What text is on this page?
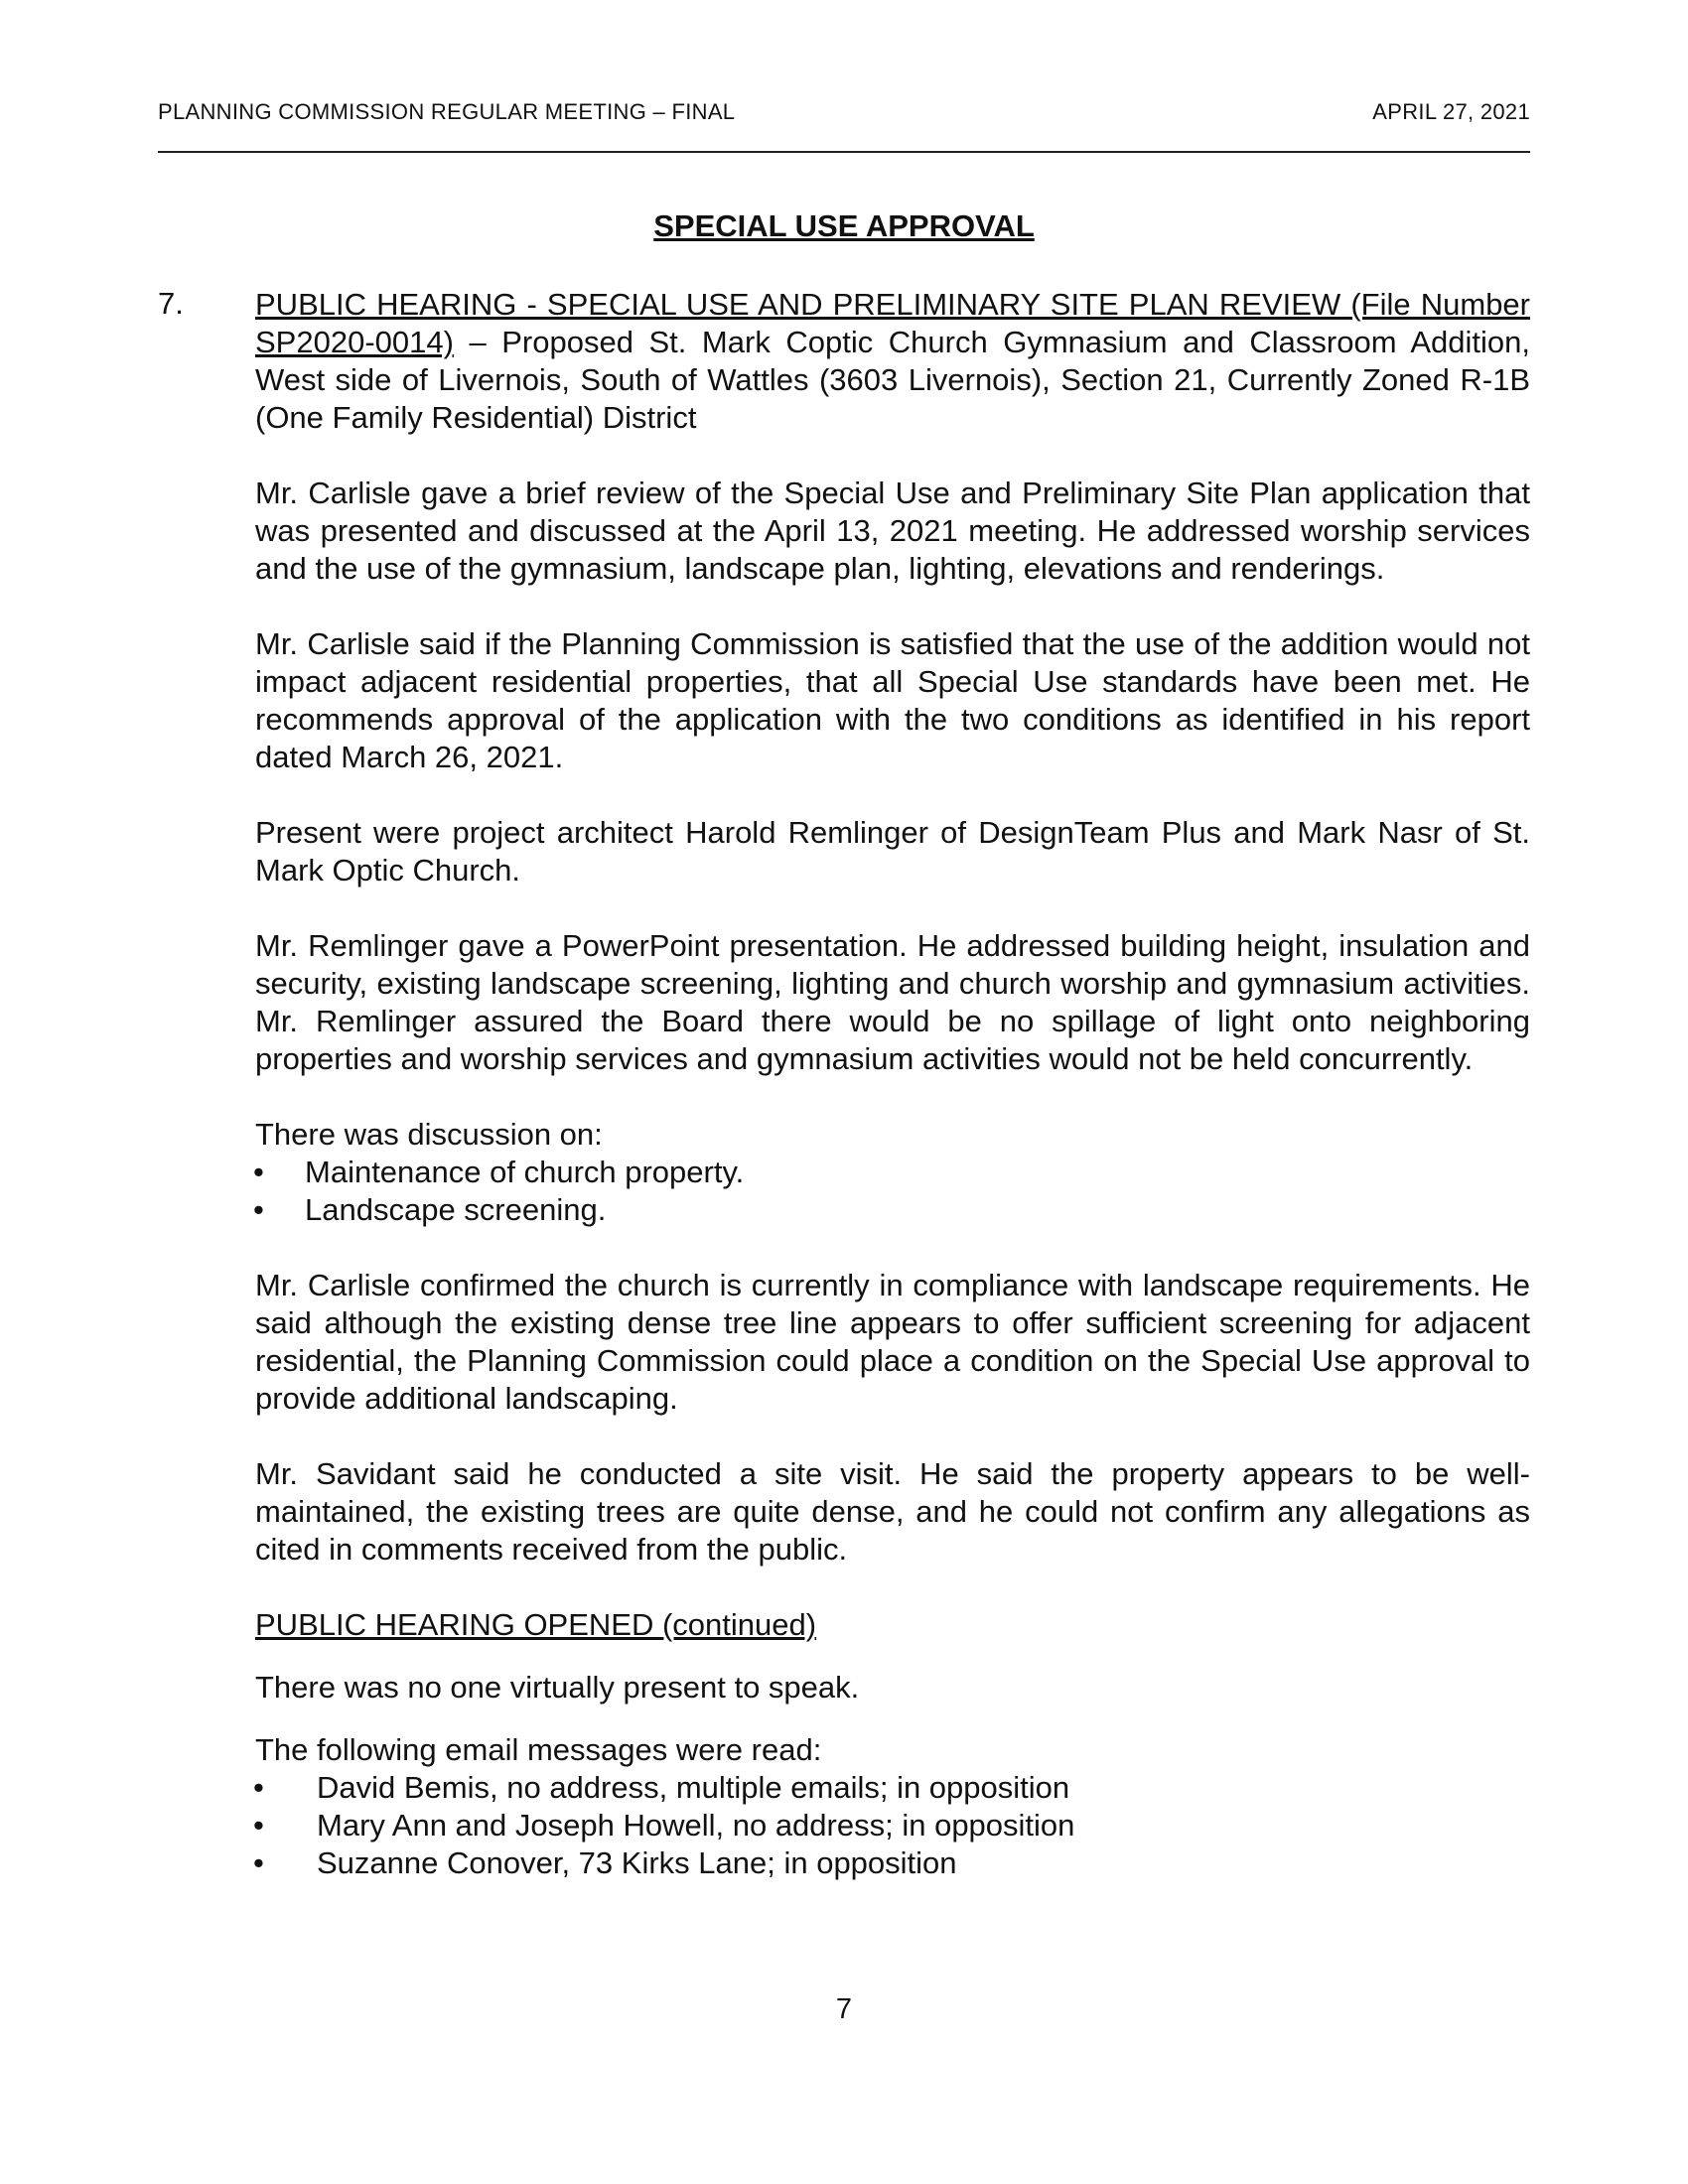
PLANNING COMMISSION REGULAR MEETING – FINAL	APRIL 27, 2021
SPECIAL USE APPROVAL
7. PUBLIC HEARING - SPECIAL USE AND PRELIMINARY SITE PLAN REVIEW (File Number SP2020-0014) – Proposed St. Mark Coptic Church Gymnasium and Classroom Addition, West side of Livernois, South of Wattles (3603 Livernois), Section 21, Currently Zoned R-1B (One Family Residential) District

Mr. Carlisle gave a brief review of the Special Use and Preliminary Site Plan application that was presented and discussed at the April 13, 2021 meeting. He addressed worship services and the use of the gymnasium, landscape plan, lighting, elevations and renderings.

Mr. Carlisle said if the Planning Commission is satisfied that the use of the addition would not impact adjacent residential properties, that all Special Use standards have been met. He recommends approval of the application with the two conditions as identified in his report dated March 26, 2021.

Present were project architect Harold Remlinger of DesignTeam Plus and Mark Nasr of St. Mark Optic Church.

Mr. Remlinger gave a PowerPoint presentation. He addressed building height, insulation and security, existing landscape screening, lighting and church worship and gymnasium activities. Mr. Remlinger assured the Board there would be no spillage of light onto neighboring properties and worship services and gymnasium activities would not be held concurrently.

There was discussion on:

• Maintenance of church property.
• Landscape screening.

Mr. Carlisle confirmed the church is currently in compliance with landscape requirements. He said although the existing dense tree line appears to offer sufficient screening for adjacent residential, the Planning Commission could place a condition on the Special Use approval to provide additional landscaping.

Mr. Savidant said he conducted a site visit. He said the property appears to be well-maintained, the existing trees are quite dense, and he could not confirm any allegations as cited in comments received from the public.

PUBLIC HEARING OPENED (continued)

There was no one virtually present to speak.

The following email messages were read:

• David Bemis, no address, multiple emails; in opposition
• Mary Ann and Joseph Howell, no address; in opposition
• Suzanne Conover, 73 Kirks Lane; in opposition
7
